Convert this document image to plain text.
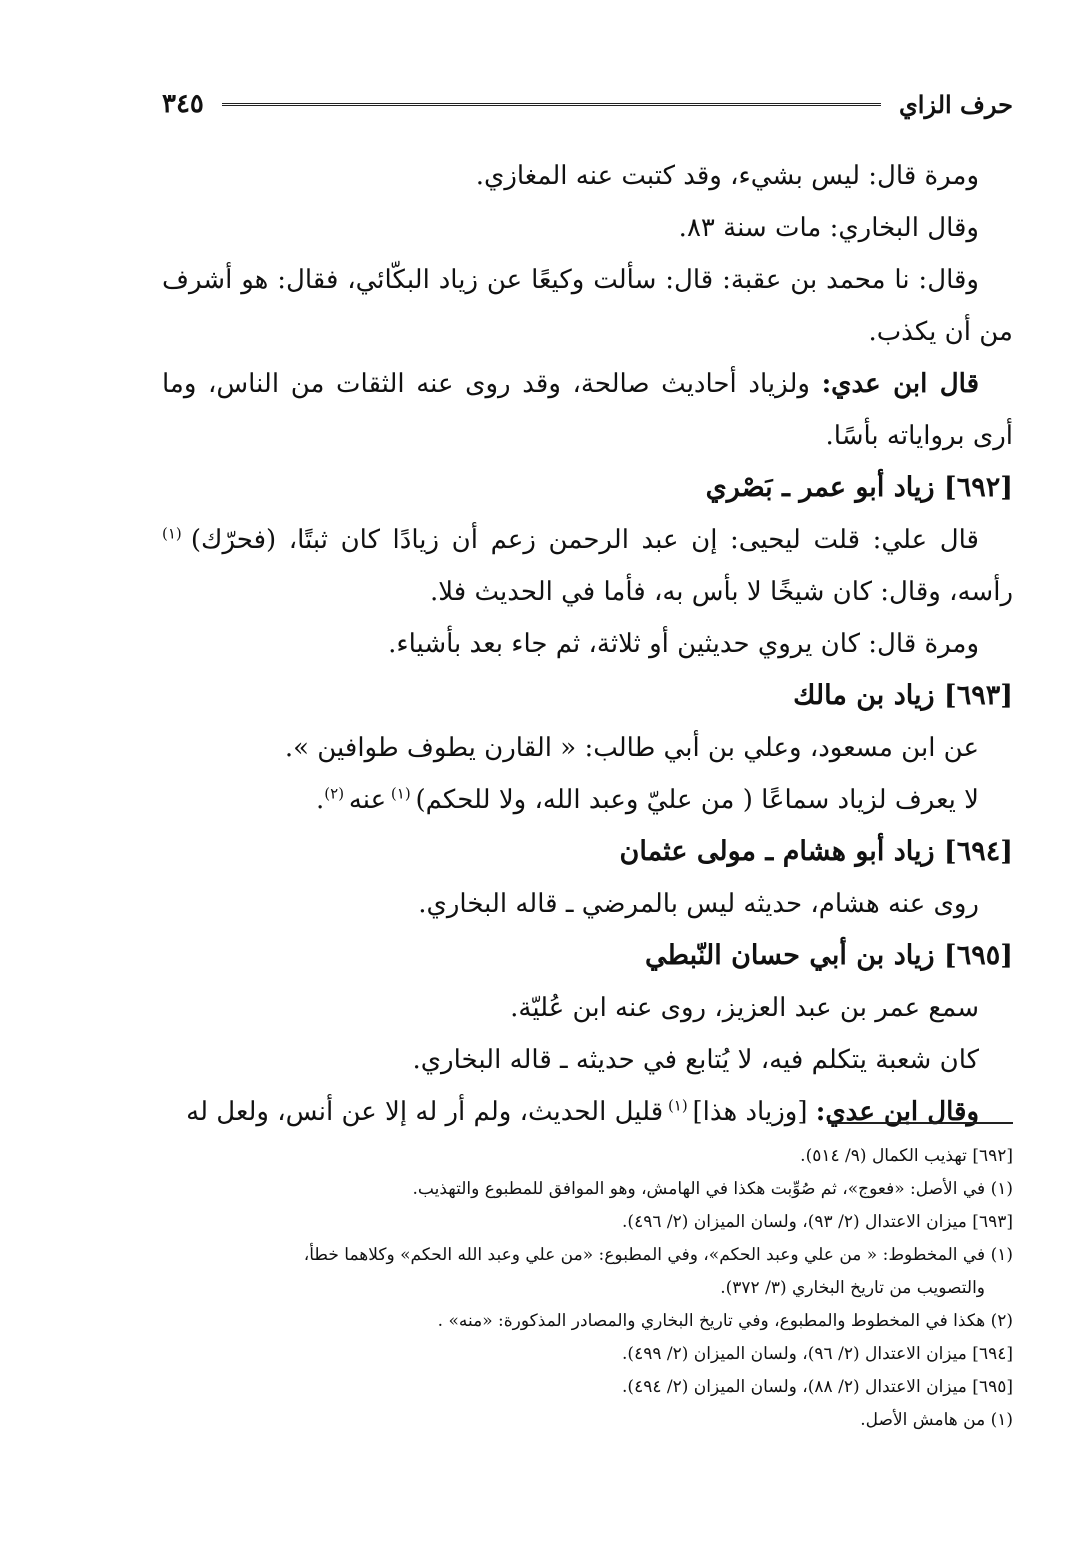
حرف الزاي
٣٤٥

ومرة قال: ليس بشيء، وقد كتبت عنه المغازي.

وقال البخاري: مات سنة ٨٣.

وقال: نا محمد بن عقبة: قال: سألت وكيعًا عن زياد البكّائي، فقال: هو أشرف من أن يكذب.

قال ابن عدي: ولزياد أحاديث صالحة، وقد روى عنه الثقات من الناس، وما أرى برواياته بأسًا.

[٦٩٢] زياد أبو عمر ـ بَصْري

قال علي: قلت ليحيى: إن عبد الرحمن زعم أن زيادًا كان ثبتًا، (فحرّك) $^{(١)}$ رأسه، وقال: كان شيخًا لا بأس به، فأما في الحديث فلا.

ومرة قال: كان يروي حديثين أو ثلاثة، ثم جاء بعد بأشياء.

[٦٩٣] زياد بن مالك

عن ابن مسعود، وعلي بن أبي طالب: « القارن يطوف طوافين ».

لا يعرف لزياد سماعًا ( من عليّ وعبد الله، ولا للحكم) $^{(١)}$ عنه $^{(٢)}$.

[٦٩٤] زياد أبو هشام ـ مولى عثمان

روى عنه هشام، حديثه ليس بالمرضي ـ قاله البخاري.

[٦٩٥] زياد بن أبي حسان النّبطي

سمع عمر بن عبد العزيز، روى عنه ابن عُليّة.

كان شعبة يتكلم فيه، لا يُتابع في حديثه ـ قاله البخاري.

وقال ابن عدي: [وزياد هذا] $^{(١)}$ قليل الحديث، ولم أر له إلا عن أنس، ولعل له

[٦٩٢] تهذيب الكمال (٩/ ٥١٤).

(١) في الأصل: «فعوج»، ثم صُوِّبت هكذا في الهامش، وهو الموافق للمطبوع والتهذيب.

[٦٩٣] ميزان الاعتدال (٢/ ٩٣)، ولسان الميزان (٢/ ٤٩٦).

(١) في المخطوط: « من علي وعبد الحكم»، وفي المطبوع: «من علي وعبد الله الحكم» وكلاهما خطأ،
والتصويب من تاريخ البخاري (٣/ ٣٧٢).

(٢) هكذا في المخطوط والمطبوع، وفي تاريخ البخاري والمصادر المذكورة: «منه» .

[٦٩٤] ميزان الاعتدال (٢/ ٩٦)، ولسان الميزان (٢/ ٤٩٩).

[٦٩٥] ميزان الاعتدال (٢/ ٨٨)، ولسان الميزان (٢/ ٤٩٤).

(١) من هامش الأصل.
